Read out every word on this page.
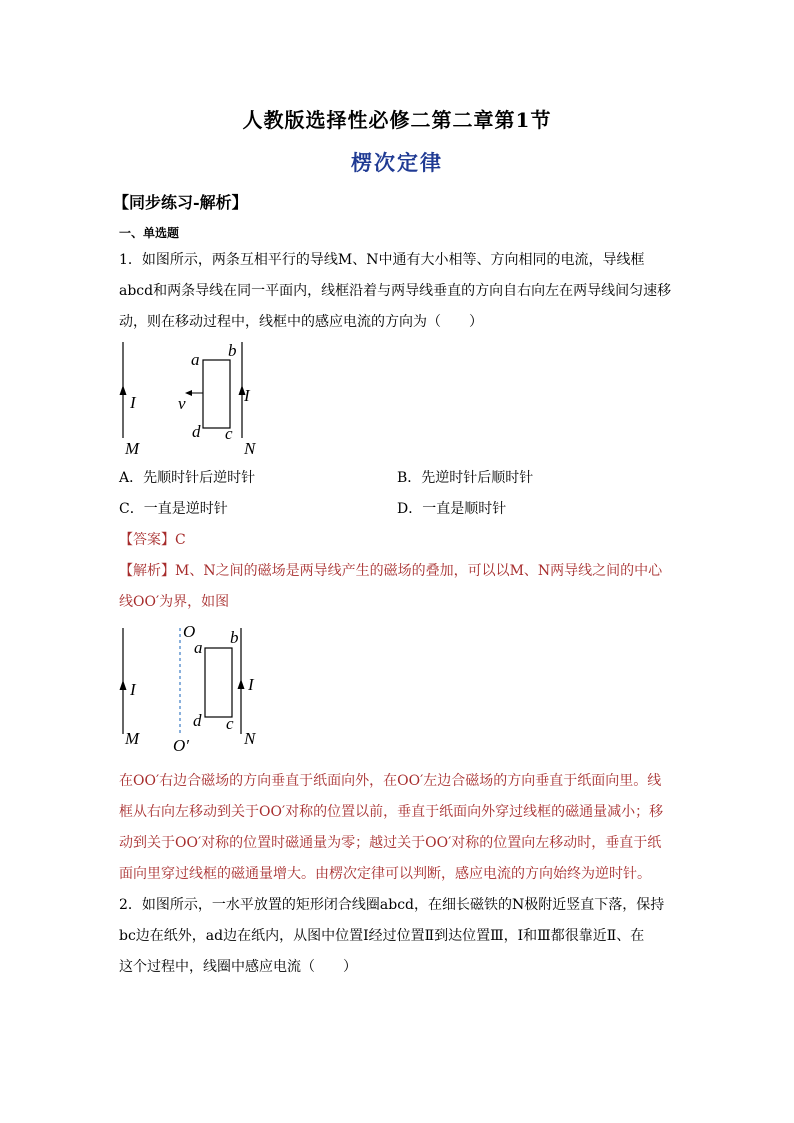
人教版选择性必修二第二章第1节
楞次定律
【同步练习-解析】
一、单选题
1．如图所示，两条互相平行的导线M、N中通有大小相等、方向相同的电流，导线框
abcd和两条导线在同一平面内，线框沿着与两导线垂直的方向自右向左在两导线间匀速移
动，则在移动过程中，线框中的感应电流的方向为（　　）
a b
c
d
I	I
v
M	N
A．先顺时针后逆时针	B．先逆时针后顺时针
C．一直是逆时针	D．一直是顺时针
【答案】C
【解析】M、N之间的磁场是两导线产生的磁场的叠加，可以以M、N两导线之间的中心
线OO′为界，如图
O
O′
a
b
c
d
I	I
M	N
在OO′右边合磁场的方向垂直于纸面向外，在OO′左边合磁场的方向垂直于纸面向里。线
框从右向左移动到关于OO′对称的位置以前，垂直于纸面向外穿过线框的磁通量减小；移
动到关于OO′对称的位置时磁通量为零；越过关于OO′对称的位置向左移动时，垂直于纸
面向里穿过线框的磁通量增大。由楞次定律可以判断，感应电流的方向始终为逆时针。
2．如图所示，一水平放置的矩形闭合线圈abcd，在细长磁铁的N极附近竖直下落，保持
bc边在纸外，ad边在纸内，从图中位置Ⅰ经过位置Ⅱ到达位置Ⅲ，Ⅰ和Ⅲ都很靠近Ⅱ、在
这个过程中，线圈中感应电流（　　）
